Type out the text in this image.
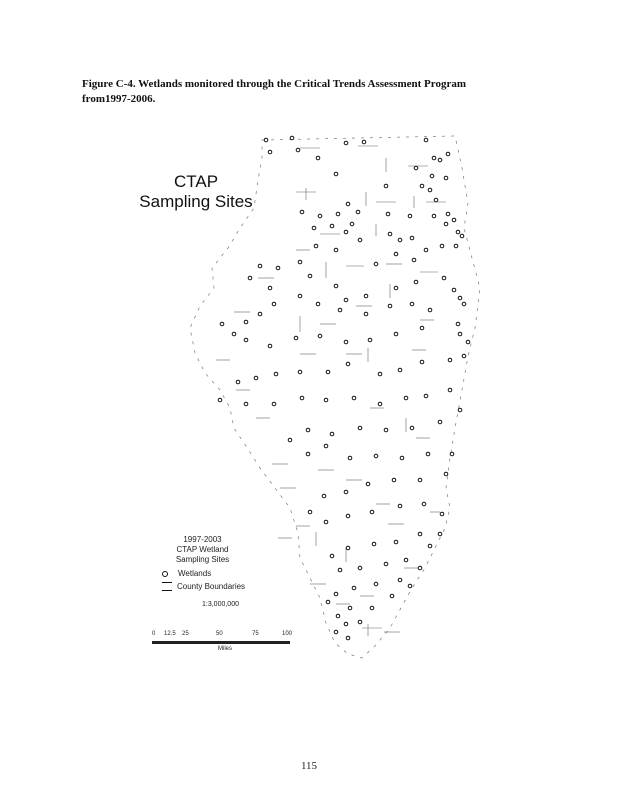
Figure C-4. Wetlands monitored through the Critical Trends Assessment Program
from1997-2006.
CTAP
Sampling Sites
1997-2003
CTAP Wetland
Sampling Sites
Wetlands
County Boundaries
1:3,000,000
0 12.5 25	50	75	100
Miles
115
